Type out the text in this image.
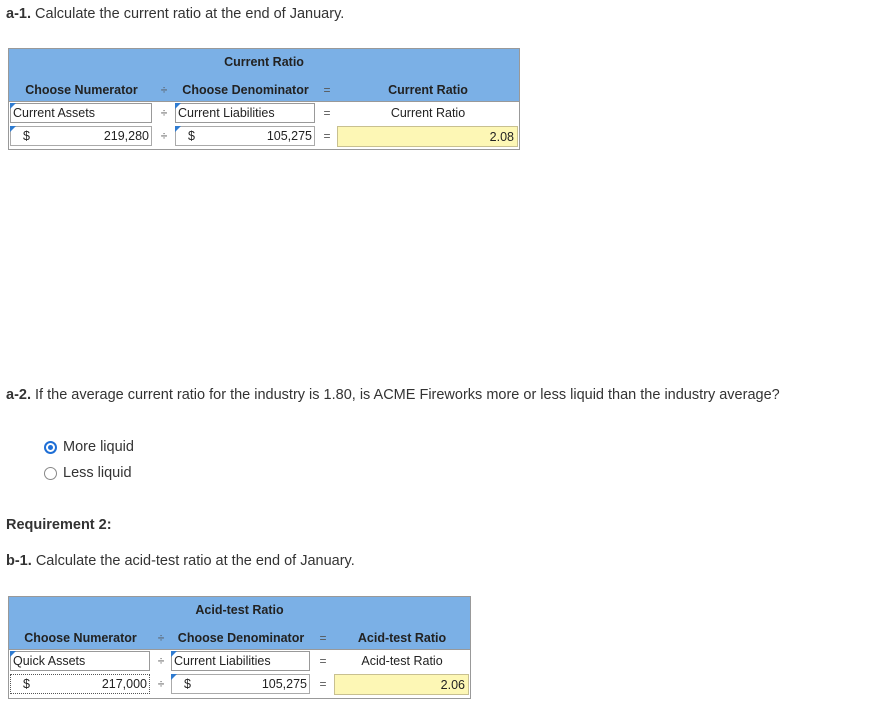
a-1. Calculate the current ratio at the end of January.
Current Ratio
Choose Numerator	÷	Choose Denominator	=	Current Ratio
Current Assets	÷ Current Liabilities	=	Current Ratio
$	219,280 ÷	$	105,275 =	2.08
a-2. If the average current ratio for the industry is 1.80, is ACME Fireworks more or less liquid than the industry average?
More liquid
Less liquid
Requirement 2:
b-1. Calculate the acid-test ratio at the end of January.
Acid-test Ratio
Choose Numerator	÷	Choose Denominator	=	Acid-test Ratio
Quick Assets	÷ Current Liabilities	=	Acid-test Ratio
$	217,000 ÷	$	105,275	=	2.06
